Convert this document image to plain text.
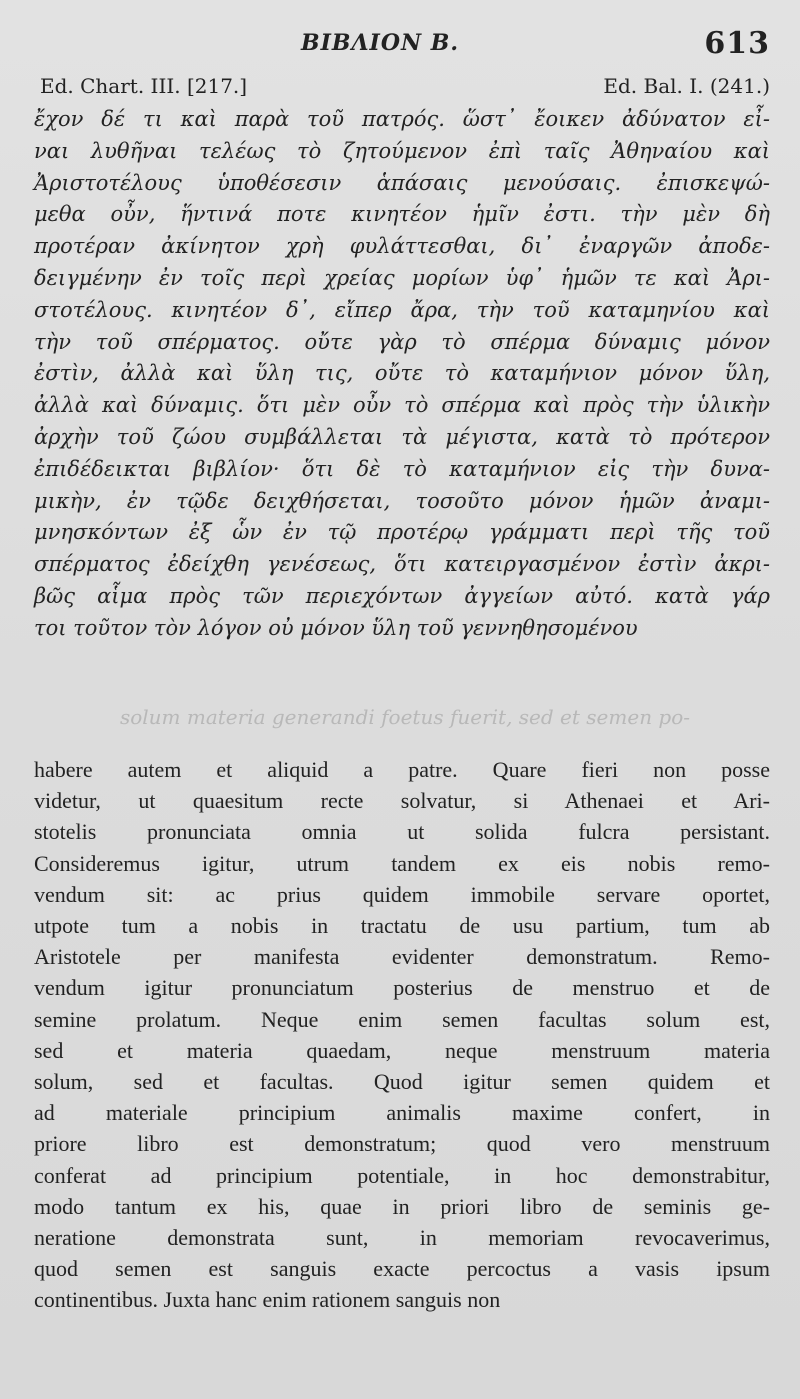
BIBΛΙΟΝ B.	613
Ed. Chart. III. [217.]	Ed. Bal. I. (241.)
ἔχον δέ τι καὶ παρὰ τοῦ πατρός. ὥστ᾽ ἔοικεν ἀδύνατον εἶ-
ναι λυθῆναι τελέως τὸ ζητούμενον ἐπὶ ταῖς Ἀθηναίου καὶ
Ἀριστοτέλους ὑποθέσεσιν ἁπάσαις μενούσαις. ἐπισκεψώ-
μεθα οὖν, ἥντινά ποτε κινητέον ἡμῖν ἐστι. τὴν μὲν δὴ
προτέραν ἀκίνητον χρὴ φυλάττεσθαι, δι᾽ ἐναργῶν ἀποδε-
δειγμένην ἐν τοῖς περὶ χρείας μορίων ὑφ᾽ ἡμῶν τε καὶ Ἀρι-
στοτέλους. κινητέον δ᾽, εἴπερ ἄρα, τὴν τοῦ καταμηνίου καὶ
τὴν τοῦ σπέρματος. οὔτε γὰρ τὸ σπέρμα δύναμις μόνον
ἐστὶν, ἀλλὰ καὶ ὕλη τις, οὔτε τὸ καταμήνιον μόνον ὕλη,
ἀλλὰ καὶ δύναμις. ὅτι μὲν οὖν τὸ σπέρμα καὶ πρὸς τὴν ὑλικὴν
ἀρχὴν τοῦ ζώου συμβάλλεται τὰ μέγιστα, κατὰ τὸ πρότερον
ἐπιδέδεικται βιβλίον· ὅτι δὲ τὸ καταμήνιον εἰς τὴν δυνα-
μικὴν, ἐν τῷδε δειχθήσεται, τοσοῦτο μόνον ἡμῶν ἀναμι-
μνησκόντων ἐξ ὧν ἐν τῷ προτέρῳ γράμματι περὶ τῆς τοῦ
σπέρματος ἐδείχθη γενέσεως, ὅτι κατειργασμένον ἐστὶν ἀκρι-
βῶς αἷμα πρὸς τῶν περιεχόντων ἀγγείων αὐτό. κατὰ γάρ
τοι τοῦτον τὸν λόγον οὐ μόνον ὕλη τοῦ γεννηθησομένου
solum materia generandi foetus fuerit, sed et semen po-
habere autem et aliquid a patre. Quare fieri non posse
videtur, ut quaesitum recte solvatur, si Athenaei et Ari-
stotelis pronunciata omnia ut solida fulcra persistant.
Consideremus igitur, utrum tandem ex eis nobis remo-
vendum sit: ac prius quidem immobile servare oportet,
utpote tum a nobis in tractatu de usu partium, tum ab
Aristotele per manifesta evidenter demonstratum. Remo-
vendum igitur pronunciatum posterius de menstruo et de
semine prolatum. Neque enim semen facultas solum est,
sed et materia quaedam, neque menstruum materia
solum, sed et facultas. Quod igitur semen quidem et
ad materiale principium animalis maxime confert, in
priore libro est demonstratum; quod vero menstruum
conferat ad principium potentiale, in hoc demonstrabitur,
modo tantum ex his, quae in priori libro de seminis ge-
neratione demonstrata sunt, in memoriam revocaverimus,
quod semen est sanguis exacte percoctus a vasis ipsum
continentibus. Juxta hanc enim rationem sanguis non
